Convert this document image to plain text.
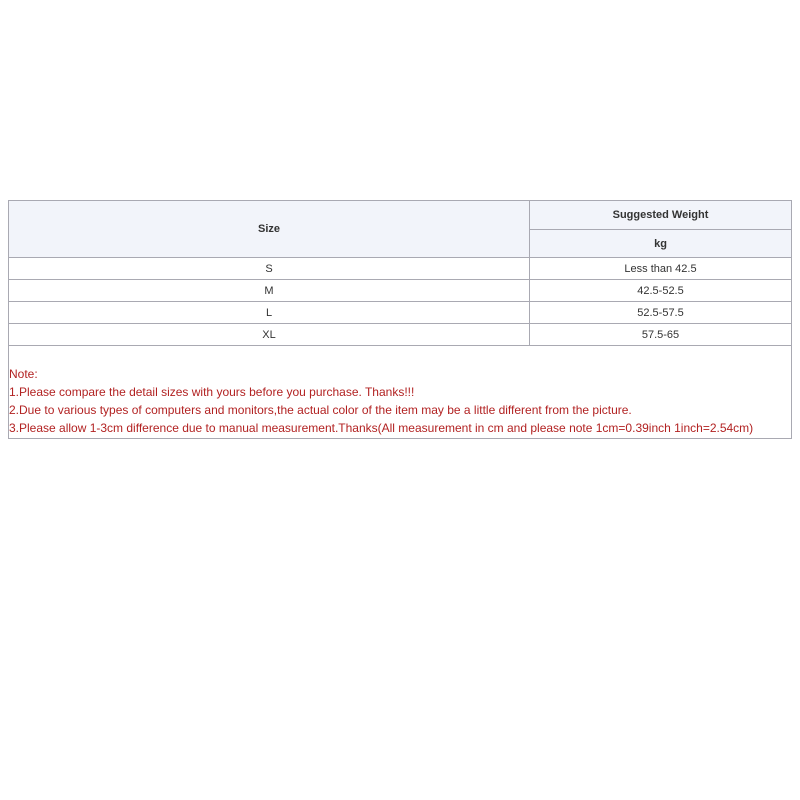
Size	Suggested Weight
	kg
S	Less than 42.5
M	42.5-52.5
L	52.5-57.5
XL	57.5-65

Note:
1.Please compare the detail sizes with yours before you purchase. Thanks!!!
2.Due to various types of computers and monitors,the actual color of the item may be a little different from the picture.
3.Please allow 1-3cm difference due to manual measurement.Thanks(All measurement in cm and please note 1cm=0.39inch 1inch=2.54cm)	
